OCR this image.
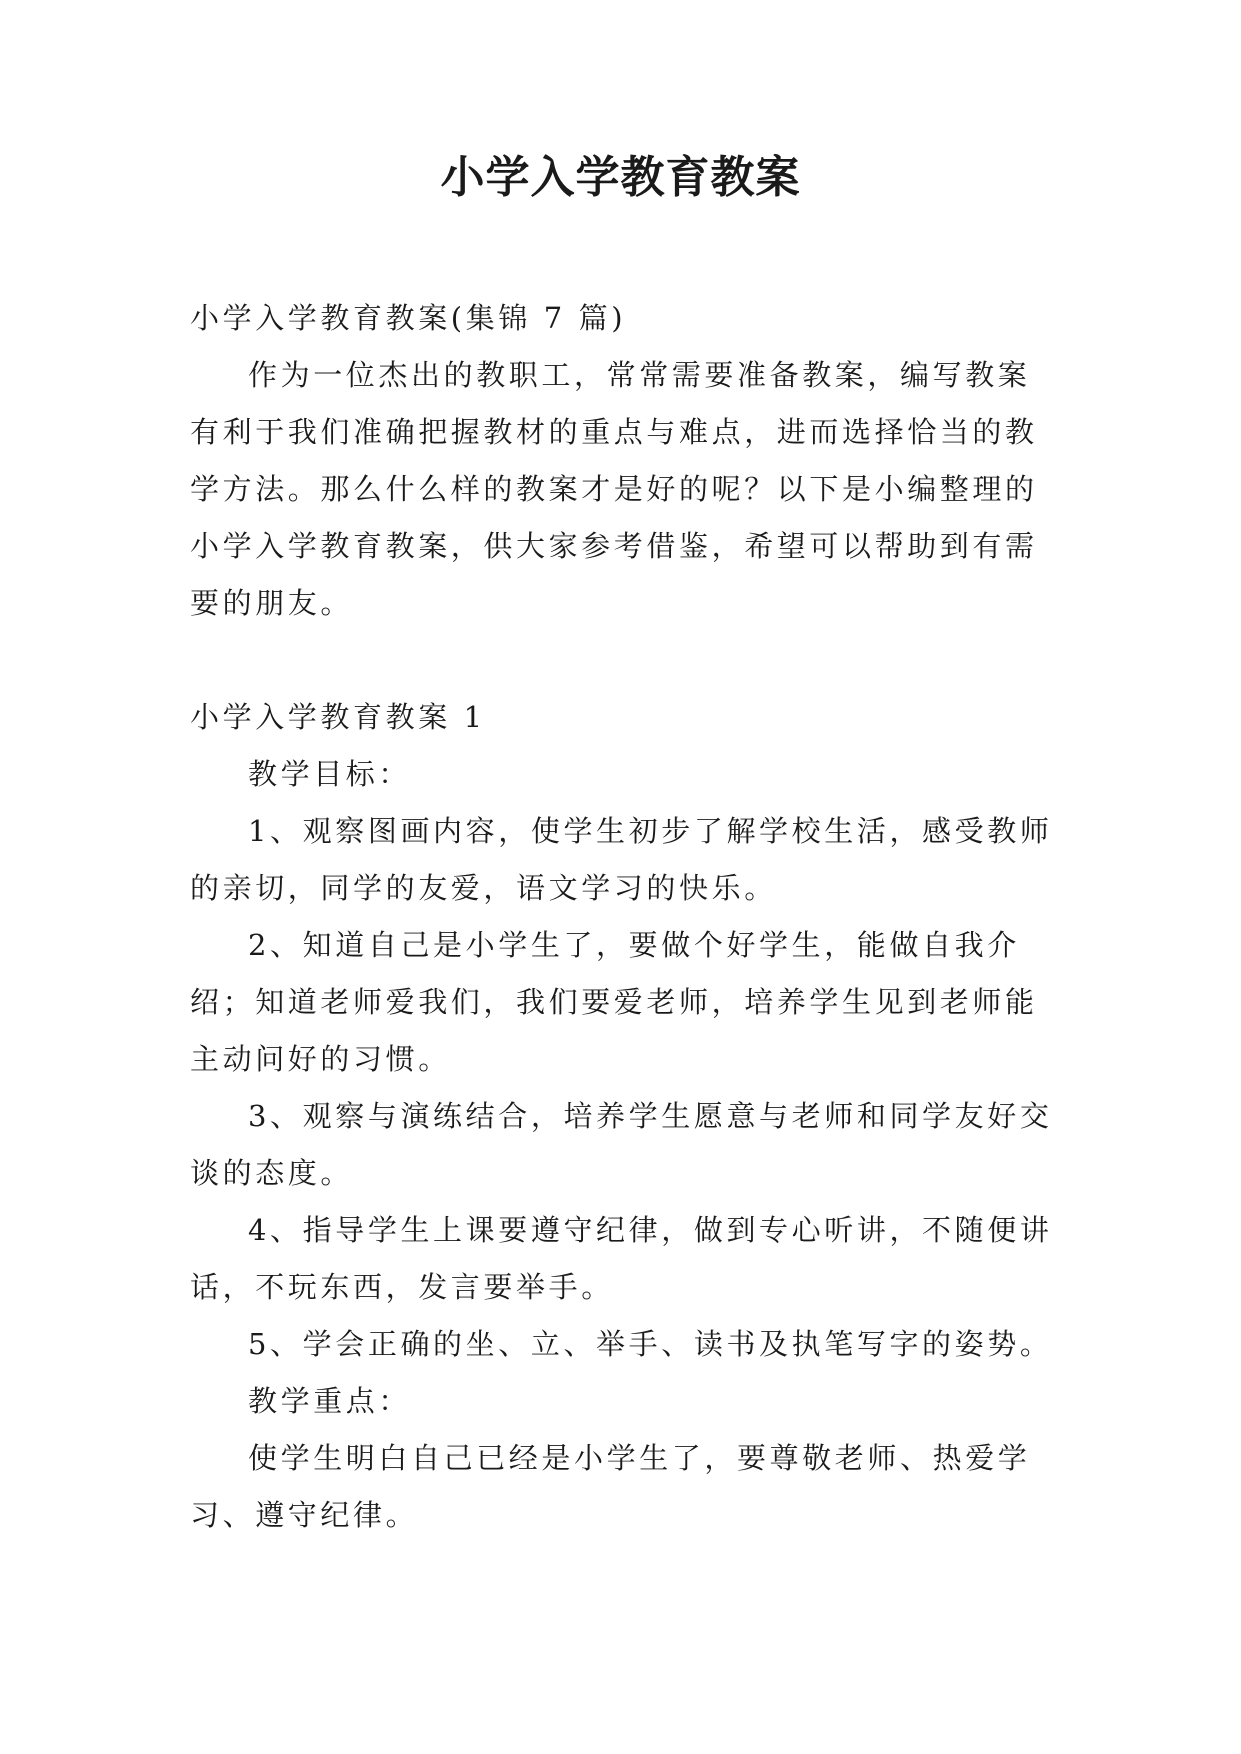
小学入学教育教案

小学入学教育教案(集锦 7 篇)

作为一位杰出的教职工，常常需要准备教案，编写教案有利于我们准确把握教材的重点与难点，进而选择恰当的教学方法。那么什么样的教案才是好的呢？以下是小编整理的小学入学教育教案，供大家参考借鉴，希望可以帮助到有需要的朋友。

小学入学教育教案 1

教学目标：

1、观察图画内容，使学生初步了解学校生活，感受教师的亲切，同学的友爱，语文学习的快乐。

2、知道自己是小学生了，要做个好学生，能做自我介绍；知道老师爱我们，我们要爱老师，培养学生见到老师能主动问好的习惯。

3、观察与演练结合，培养学生愿意与老师和同学友好交谈的态度。

4、指导学生上课要遵守纪律，做到专心听讲，不随便讲话，不玩东西，发言要举手。

5、学会正确的坐、立、举手、读书及执笔写字的姿势。

教学重点：

使学生明白自己已经是小学生了，要尊敬老师、热爱学习、遵守纪律。
